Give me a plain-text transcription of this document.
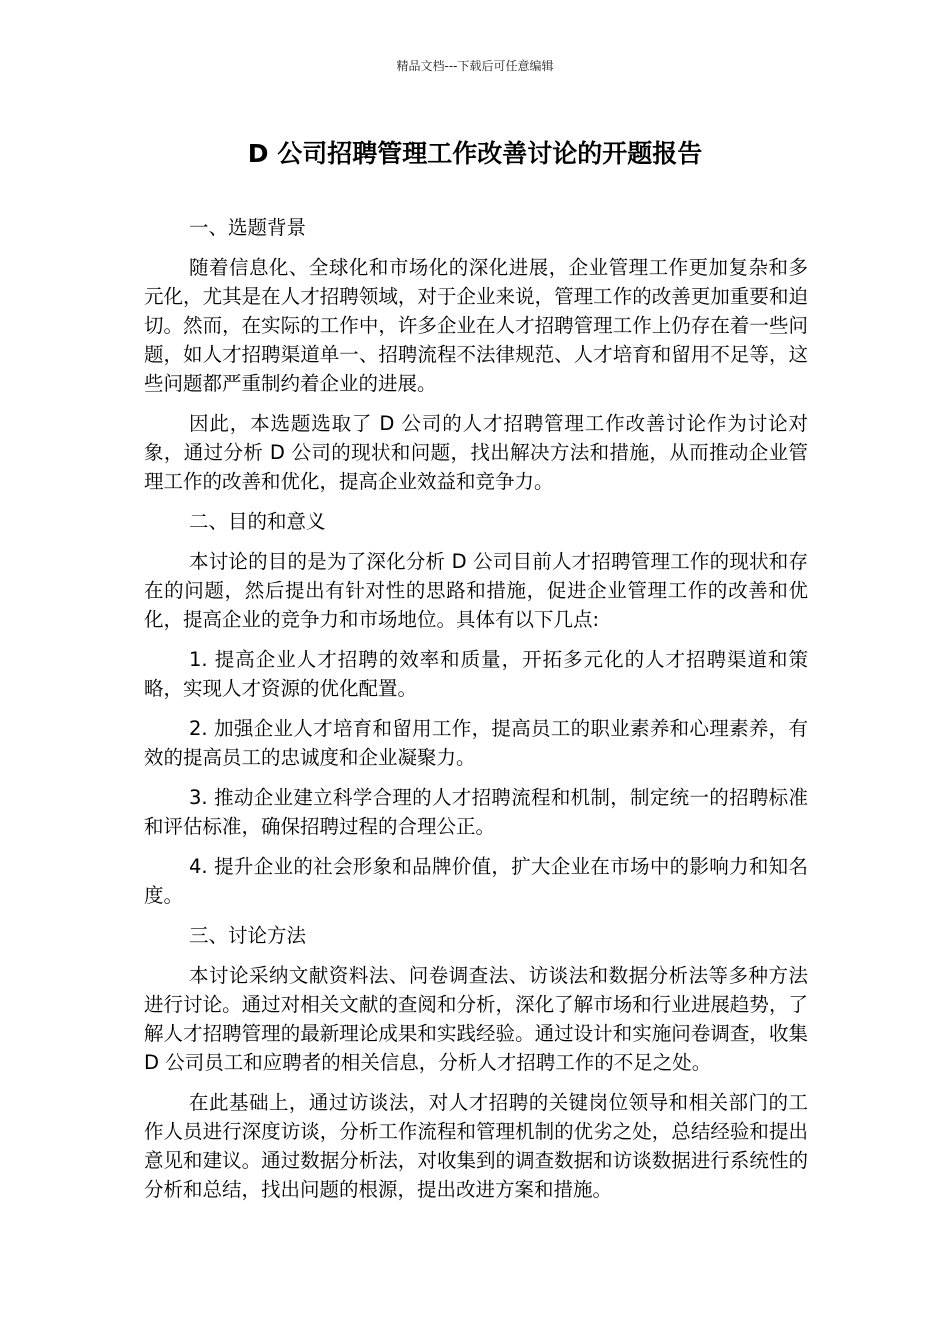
精品文档---下载后可任意编辑
D 公司招聘管理工作改善讨论的开题报告
一、选题背景

随着信息化、全球化和市场化的深化进展，企业管理工作更加复杂和多元化，尤其是在人才招聘领域，对于企业来说，管理工作的改善更加重要和迫切。然而，在实际的工作中，许多企业在人才招聘管理工作上仍存在着一些问题，如人才招聘渠道单一、招聘流程不法律规范、人才培育和留用不足等，这些问题都严重制约着企业的进展。

因此，本选题选取了 D 公司的人才招聘管理工作改善讨论作为讨论对象，通过分析 D 公司的现状和问题，找出解决方法和措施，从而推动企业管理工作的改善和优化，提高企业效益和竞争力。

二、目的和意义

本讨论的目的是为了深化分析 D 公司目前人才招聘管理工作的现状和存在的问题，然后提出有针对性的思路和措施，促进企业管理工作的改善和优化，提高企业的竞争力和市场地位。具体有以下几点:

1. 提高企业人才招聘的效率和质量，开拓多元化的人才招聘渠道和策略，实现人才资源的优化配置。

2. 加强企业人才培育和留用工作，提高员工的职业素养和心理素养，有效的提高员工的忠诚度和企业凝聚力。

3. 推动企业建立科学合理的人才招聘流程和机制，制定统一的招聘标准和评估标准，确保招聘过程的合理公正。

4. 提升企业的社会形象和品牌价值，扩大企业在市场中的影响力和知名度。

三、讨论方法

本讨论采纳文献资料法、问卷调查法、访谈法和数据分析法等多种方法进行讨论。通过对相关文献的查阅和分析，深化了解市场和行业进展趋势，了解人才招聘管理的最新理论成果和实践经验。通过设计和实施问卷调查，收集 D 公司员工和应聘者的相关信息，分析人才招聘工作的不足之处。

在此基础上，通过访谈法，对人才招聘的关键岗位领导和相关部门的工作人员进行深度访谈，分析工作流程和管理机制的优劣之处，总结经验和提出意见和建议。通过数据分析法，对收集到的调查数据和访谈数据进行系统性的分析和总结，找出问题的根源，提出改进方案和措施。
